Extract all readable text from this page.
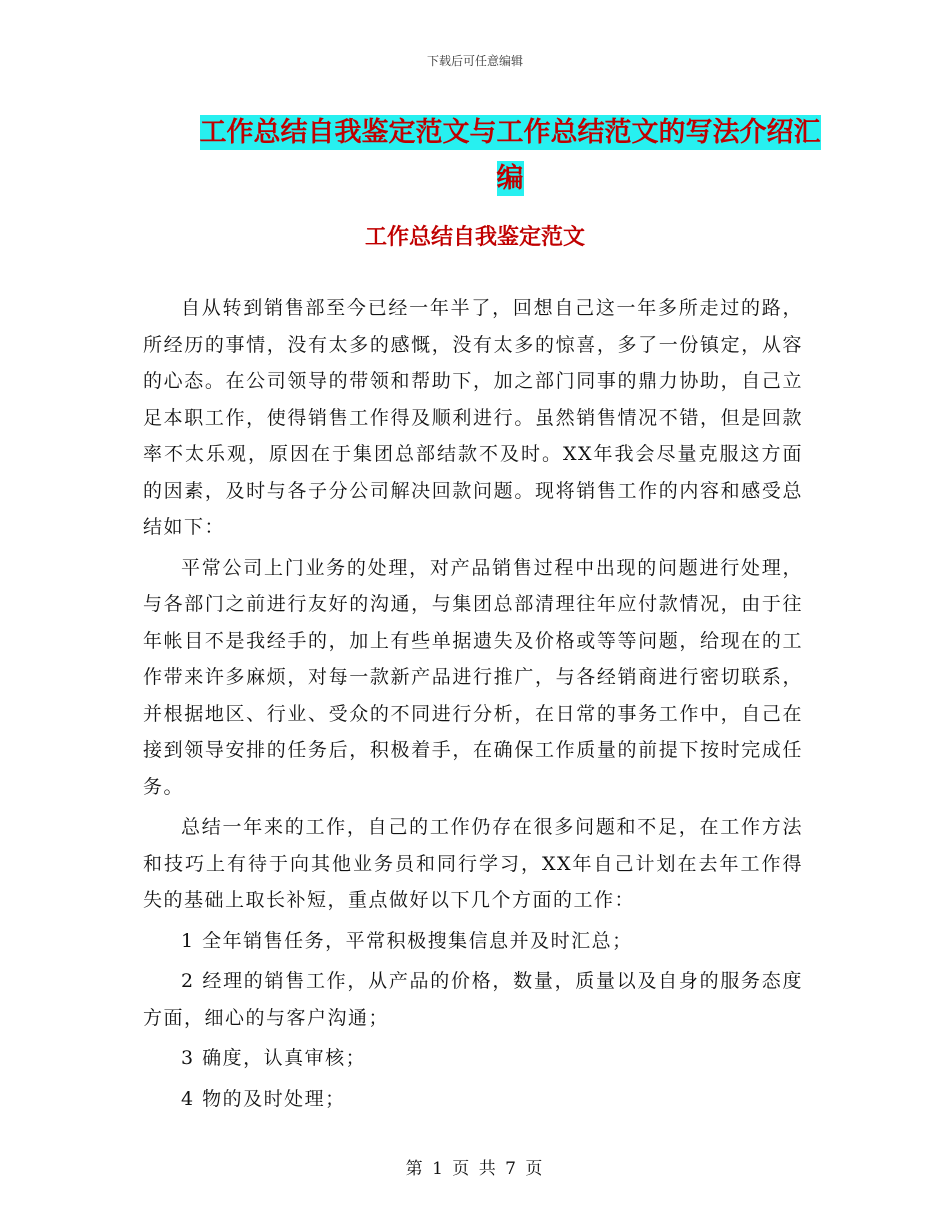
下载后可任意编辑
工作总结自我鉴定范文与工作总结范文的写法介绍汇编
工作总结自我鉴定范文

自从转到销售部至今已经一年半了，回想自己这一年多所走过的路，所经历的事情，没有太多的感慨，没有太多的惊喜，多了一份镇定，从容的心态。在公司领导的带领和帮助下，加之部门同事的鼎力协助，自己立足本职工作，使得销售工作得及顺利进行。虽然销售情况不错，但是回款率不太乐观，原因在于集团总部结款不及时。XX年我会尽量克服这方面的因素，及时与各子分公司解决回款问题。现将销售工作的内容和感受总结如下：

平常公司上门业务的处理，对产品销售过程中出现的问题进行处理，与各部门之前进行友好的沟通，与集团总部清理往年应付款情况，由于往年帐目不是我经手的，加上有些单据遗失及价格或等等问题，给现在的工作带来许多麻烦，对每一款新产品进行推广，与各经销商进行密切联系，并根据地区、行业、受众的不同进行分析，在日常的事务工作中，自己在接到领导安排的任务后，积极着手，在确保工作质量的前提下按时完成任务。

总结一年来的工作，自己的工作仍存在很多问题和不足，在工作方法和技巧上有待于向其他业务员和同行学习，XX年自己计划在去年工作得失的基础上取长补短，重点做好以下几个方面的工作：

1 全年销售任务，平常积极搜集信息并及时汇总；

2 经理的销售工作，从产品的价格，数量，质量以及自身的服务态度方面，细心的与客户沟通；

3 确度，认真审核；

4 物的及时处理；

第 1 页 共 7 页
